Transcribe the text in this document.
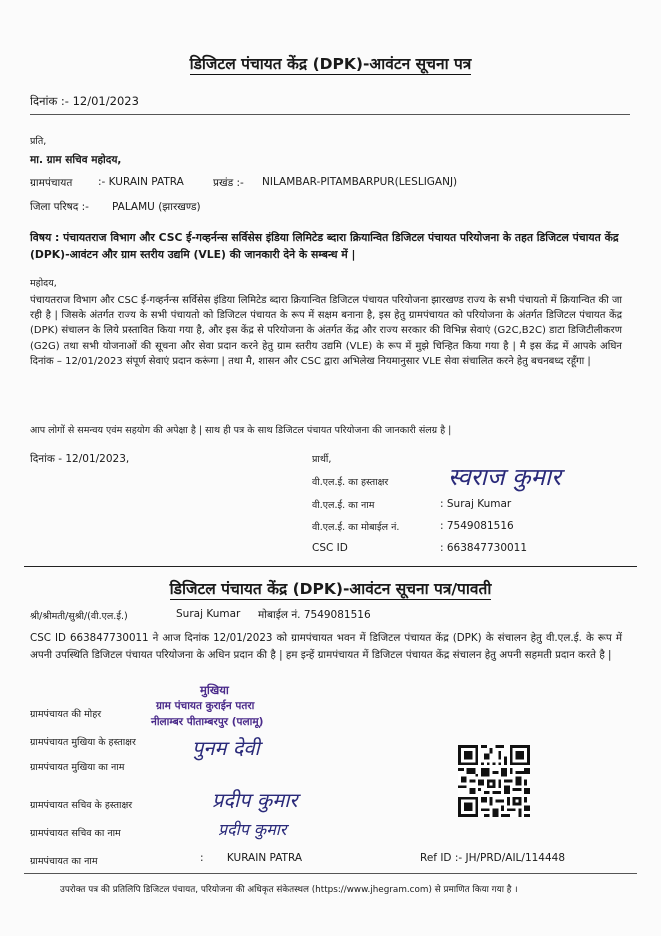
डिजिटल पंचायत केंद्र (DPK)-आवंटन सूचना पत्र
दिनांक :- 12/01/2023
प्रति,
मा. ग्राम सचिव महोदय,
ग्रामपंचायत :- KURAIN PATRA	प्रखंड :- NILAMBAR-PITAMBARPUR(LESLIGANJ)
जिला परिषद :- PALAMU (झारखण्ड)
विषय : पंचायतराज विभाग और CSC ई-गव्हर्नन्स सर्विसेस इंडिया लिमिटेड ब्दारा क्रियान्वित डिजिटल पंचायत परियोजना के तहत डिजिटल पंचायत केंद्र (DPK)-आवंटन और ग्राम स्तरीय उद्यमि (VLE) की जानकारी देने के सम्बन्ध में |
महोदय,
पंचायतराज विभाग और CSC ई-गव्हर्नन्स सर्विसेस इंडिया लिमिटेड ब्दारा क्रियान्वित डिजिटल पंचायत परियोजना झारखण्ड राज्य के सभी पंचायतो में क्रियान्वित की जा रही है | जिसके अंतर्गत राज्य के सभी पंचायतो को डिजिटल पंचायत के रूप में सक्षम बनाना है, इस हेतु ग्रामपंचायत को परियोजना के अंतर्गत डिजिटल पंचायत केंद्र (DPK) संचालन के लिये प्रस्तावित किया गया है, और इस केंद्र से परियोजना के अंतर्गत केंद्र और राज्य सरकार की विभिन्न सेवाएं (G2C,B2C) डाटा डिजिटीलीकरण (G2G) तथा सभी योजनाओं की सूचना और सेवा प्रदान करने हेतु ग्राम स्तरीय उद्यमि (VLE) के रूप में मुझे चिन्हित किया गया है | मै इस केंद्र में आपके अधिन दिनांक – 12/01/2023 संपूर्ण सेवाएं प्रदान करूंगा | तथा मै, शासन और CSC द्वारा अभिलेख नियमानुसार VLE सेवा संचालित करने हेतु बचनबध्द रहूँगा |
आप लोगों से समन्वय एवंम सहयोग की अपेक्षा है | साथ ही पत्र के साथ डिजिटल पंचायत परियोजना की जानकारी संलग्र है |
दिनांक - 12/01/2023,	प्रार्थी,
वी.एल.ई. का हस्ताक्षर स्वराज कुमार
वी.एल.ई. का नाम	: Suraj Kumar
वी.एल.ई. का मोबाईल नं.	: 7549081516
CSC ID	: 663847730011
डिजिटल पंचायत केंद्र (DPK)-आवंटन सूचना पत्र/पावती
श्री/श्रीमती/सुश्री/(वी.एल.ई.)	Suraj Kumar मोबाईल नं. 7549081516
CSC ID 663847730011 ने आज दिनांक 12/01/2023 को ग्रामपंचायत भवन में डिजिटल पंचायत केंद्र (DPK) के संचालन हेतु वी.एल.ई. के रूप में अपनी उपस्थिति डिजिटल पंचायत परियोजना के अधिन प्रदान की है | हम इन्हें ग्रामपंचायत में डिजिटल पंचायत केंद्र संचालन हेतु अपनी सहमती प्रदान करते है |
ग्रामपंचायत की मोहर
मुखिया
ग्राम पंचायत कुराईन पतरा
नीलाम्बर पीताम्बरपुर (पलामू)
ग्रामपंचायत मुखिया के हस्ताक्षर	पुनम देवी
ग्रामपंचायत मुखिया का नाम
ग्रामपंचायत सचिव के हस्ताक्षर	प्रदीप कुमार
ग्रामपंचायत सचिव का नाम	प्रदीप कुमार
ग्रामपंचायत का नाम	:       KURAIN PATRA	Ref ID :- JH/PRD/AIL/114448
उपरोक्त पत्र की प्रतिलिपि डिजिटल पंचायत, परियोजना की अधिकृत संकेतस्थल (https://www.jhegram.com) से प्रमाणित किया गया है ।
